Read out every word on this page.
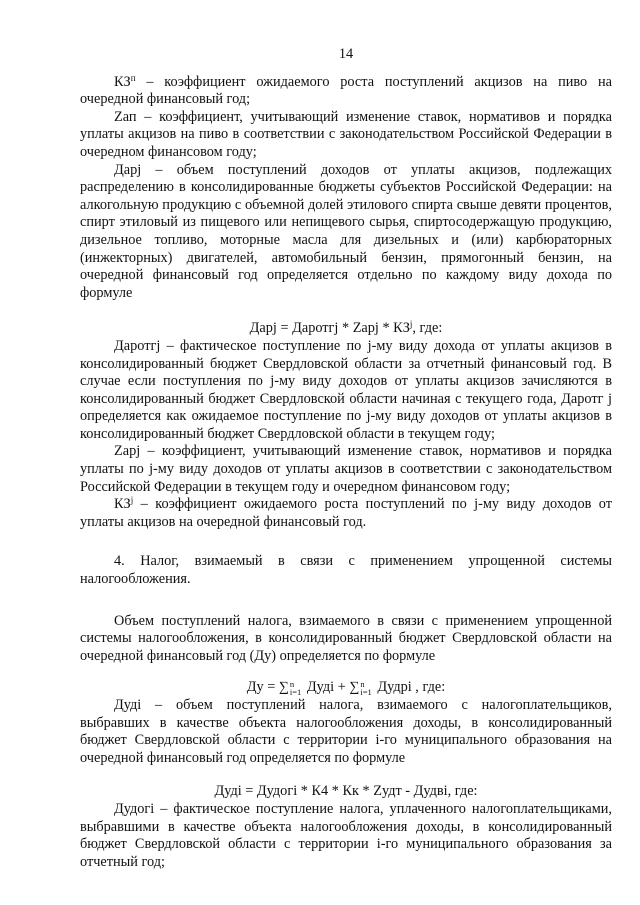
14

$КЗ^п$ – коэффициент ожидаемого роста поступлений акцизов на пиво на очередной финансовый год;

Zап – коэффициент, учитывающий изменение ставок, нормативов и порядка уплаты акцизов на пиво в соответствии с законодательством Российской Федерации в очередном финансовом году;

Дарj – объем поступлений доходов от уплаты акцизов, подлежащих распределению в консолидированные бюджеты субъектов Российской Федерации: на алкогольную продукцию с объемной долей этилового спирта свыше девяти процентов, спирт этиловый из пищевого или непищевого сырья, спиртосодержащую продукцию, дизельное топливо, моторные масла для дизельных и (или) карбюраторных (инжекторных) двигателей, автомобильный бензин, прямогонный бензин, на очередной финансовый год определяется отдельно по каждому виду дохода по формуле

Дарj = Даротгj * Zарj * $КЗ^j$, где:

Даротгj – фактическое поступление по j-му виду дохода от уплаты акцизов в консолидированный бюджет Свердловской области за отчетный финансовый год. В случае если поступления по j-му виду доходов от уплаты акцизов зачисляются в консолидированный бюджет Свердловской области начиная с текущего года, Даротг j определяется как ожидаемое поступление по j-му виду доходов от уплаты акцизов в консолидированный бюджет Свердловской области в текущем году;

Zарj – коэффициент, учитывающий изменение ставок, нормативов и порядка уплаты по j-му виду доходов от уплаты акцизов в соответствии с законодательством Российской Федерации в текущем году и очередном финансовом году;

$КЗ^j$ – коэффициент ожидаемого роста поступлений по j-му виду доходов от уплаты акцизов на очередной финансовый год.

4. Налог, взимаемый в связи с применением упрощенной системы налогообложения.

Объем поступлений налога, взимаемого в связи с применением упрощенной системы налогообложения, в консолидированный бюджет Свердловской области на очередной финансовый год (Ду) определяется по формуле

Ду = ∑ n
i=1 Дуді + ∑ n
i=1 Дудрі , где:

Дуді – объем поступлений налога, взимаемого с налогоплательщиков, выбравших в качестве объекта налогообложения доходы, в консолидированный бюджет Свердловской области с территории і-го муниципального образования на очередной финансовый год определяется по формуле

Дуді = Дудогі * К4 * Кк * Zудт - Дудві, где:

Дудогі – фактическое поступление налога, уплаченного налогоплательщиками, выбравшими в качестве объекта налогообложения доходы, в консолидированный бюджет Свердловской области с территории і-го муниципального образования за отчетный год;
